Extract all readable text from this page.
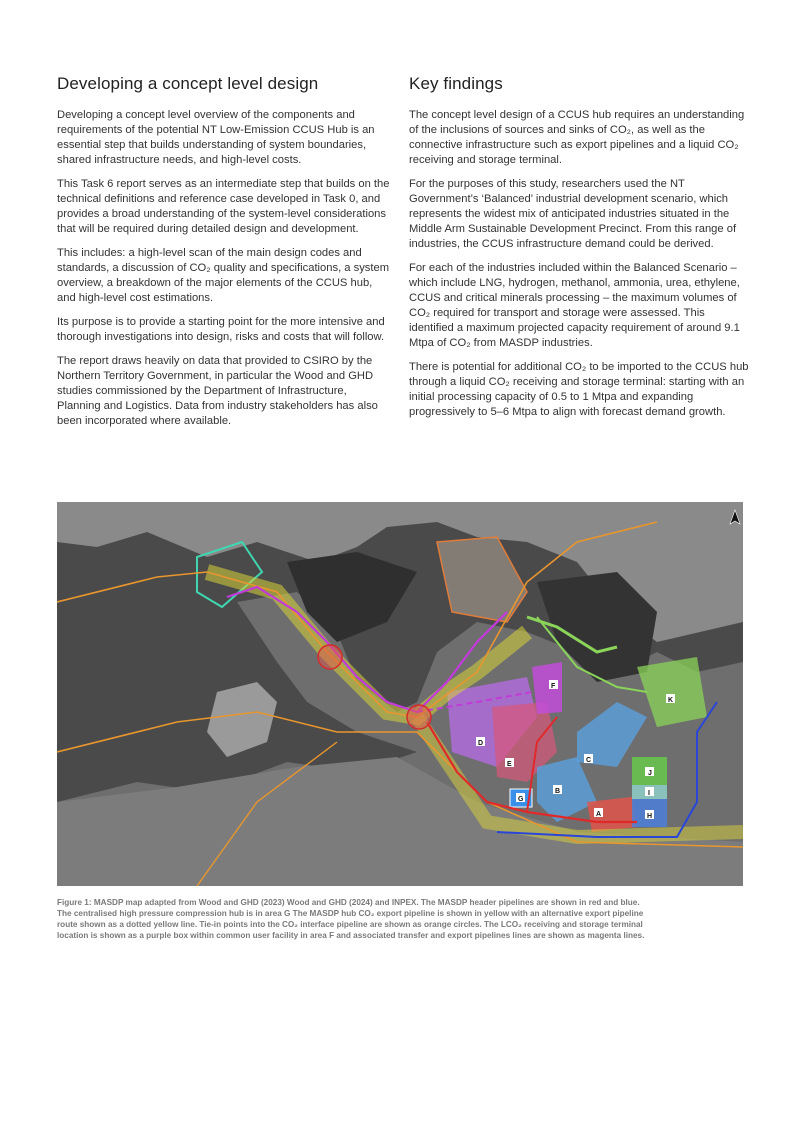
Developing a concept level design

Developing a concept level overview of the components and requirements of the potential NT Low-Emission CCUS Hub is an essential step that builds understanding of system boundaries, shared infrastructure needs, and high-level costs.

This Task 6 report serves as an intermediate step that builds on the technical definitions and reference case developed in Task 0, and provides a broad understanding of the system-level considerations that will be required during detailed design and development.

This includes: a high-level scan of the main design codes and standards, a discussion of CO₂ quality and specifications, a system overview, a breakdown of the major elements of the CCUS hub, and high-level cost estimations.

Its purpose is to provide a starting point for the more intensive and thorough investigations into design, risks and costs that will follow.

The report draws heavily on data that provided to CSIRO by the Northern Territory Government, in particular the Wood and GHD studies commissioned by the Department of Infrastructure, Planning and Logistics. Data from industry stakeholders has also been incorporated where available.

Key findings

The concept level design of a CCUS hub requires an understanding of the inclusions of sources and sinks of CO₂, as well as the connective infrastructure such as export pipelines and a liquid CO₂ receiving and storage terminal.

For the purposes of this study, researchers used the NT Government’s ‘Balanced’ industrial development scenario, which represents the widest mix of anticipated industries situated in the Middle Arm Sustainable Development Precinct. From this range of industries, the CCUS infrastructure demand could be derived.

For each of the industries included within the Balanced Scenario – which include LNG, hydrogen, methanol, ammonia, urea, ethylene, CCUS and critical minerals processing – the maximum volumes of CO₂ required for transport and storage were assessed. This identified a maximum projected capacity requirement of around 9.1 Mtpa of CO₂ from MASDP industries.

There is potential for additional CO₂ to be imported to the CCUS hub through a liquid CO₂ receiving and storage terminal: starting with an initial processing capacity of 0.5 to 1 Mtpa and expanding progressively to 5–6 Mtpa to align with forecast demand growth.

D
E
C
B
A
G
F
K
J
I
H
Figure 1: MASDP map adapted from Wood and GHD (2023) Wood and GHD (2024) and INPEX. The MASDP header pipelines are shown in red and blue.
The centralised high pressure compression hub is in area G The MASDP hub CO₂ export pipeline is shown in yellow with an alternative export pipeline
route shown as a dotted yellow line. Tie-in points into the CO₂ interface pipeline are shown as orange circles. The LCO₂ receiving and storage terminal
location is shown as a purple box within common user facility in area F and associated transfer and export pipelines lines are shown as magenta lines.
